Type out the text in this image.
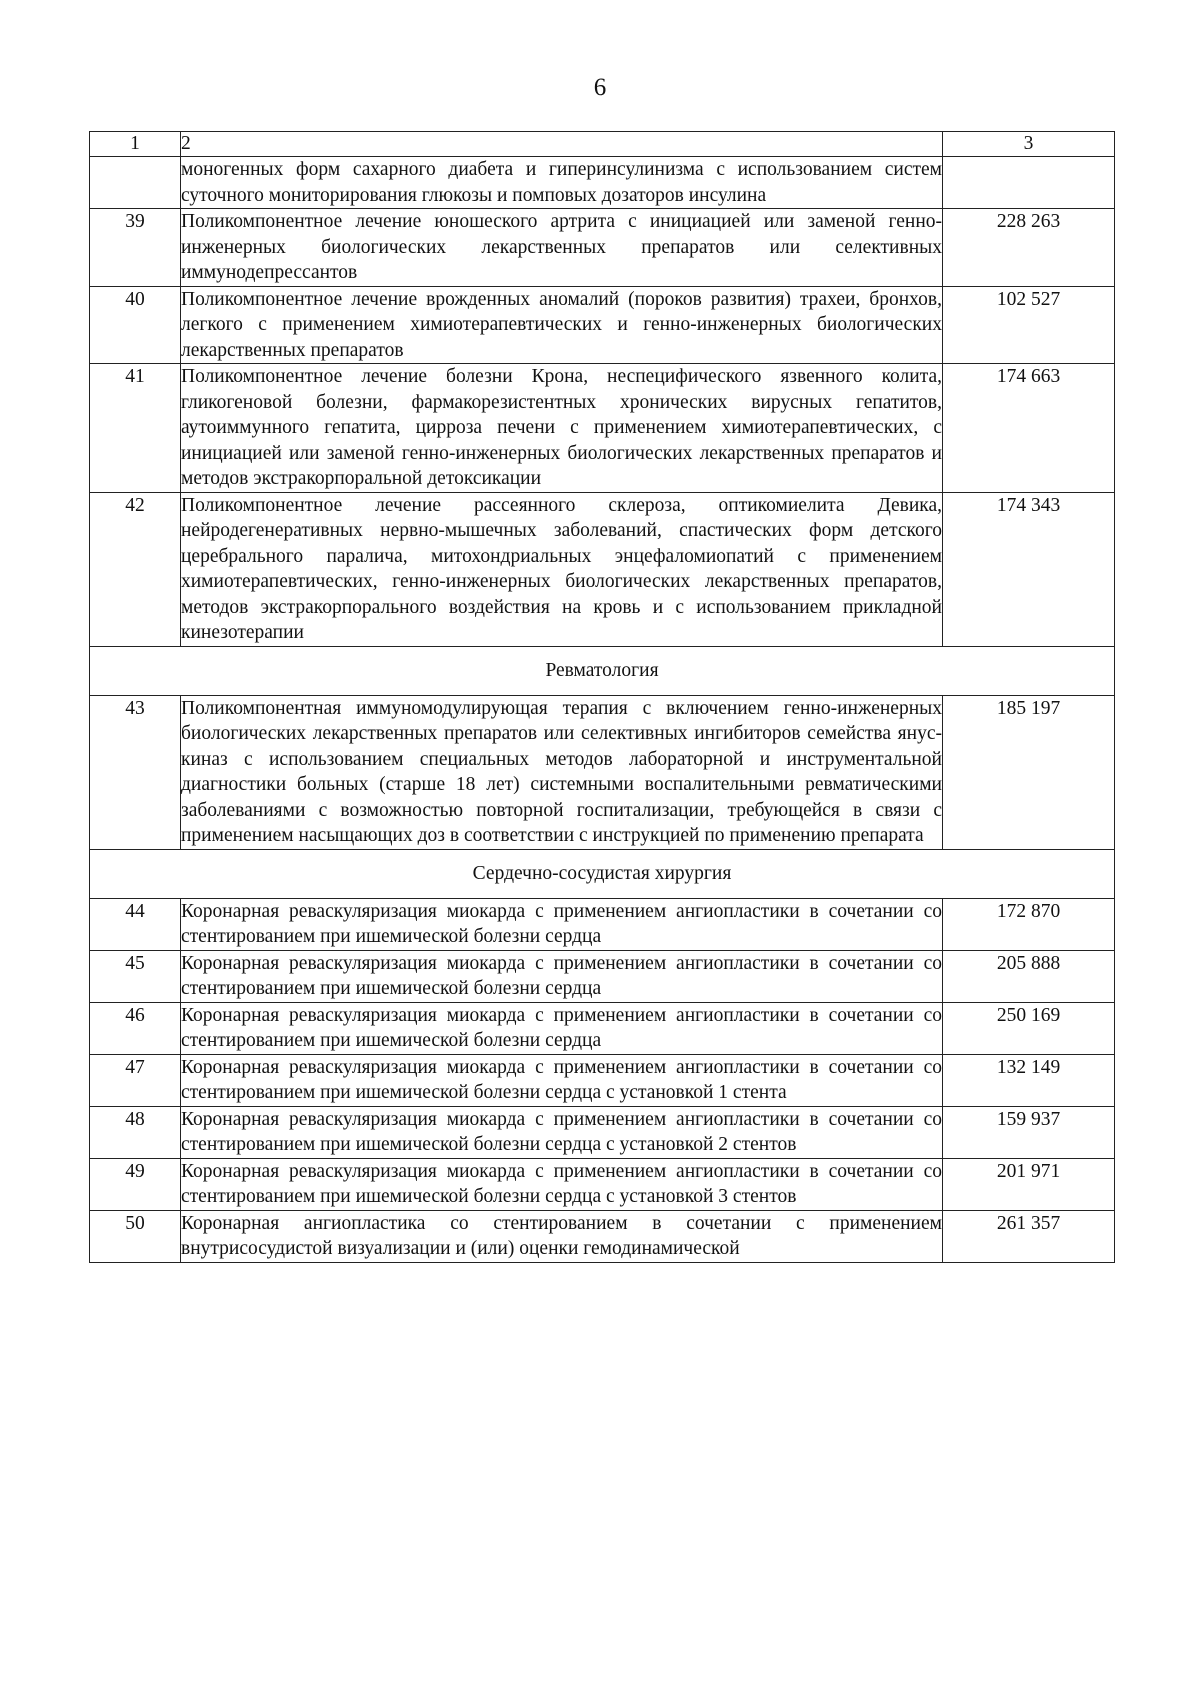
6
1	2	3
	моногенных форм сахарного диабета и гиперинсулинизма с использованием систем суточного мониторирования глюкозы и помповых дозаторов инсулина	
39	Поликомпонентное лечение юношеского артрита с инициацией или заменой генно-инженерных биологических лекарственных препаратов или селективных иммунодепрессантов	228 263
40	Поликомпонентное лечение врожденных аномалий (пороков развития) трахеи, бронхов, легкого с применением химиотерапевтических и генно-инженерных биологических лекарственных препаратов	102 527
41	Поликомпонентное лечение болезни Крона, неспецифического язвенного колита, гликогеновой болезни, фармакорезистентных хронических вирусных гепатитов, аутоиммунного гепатита, цирроза печени с применением химиотерапевтических, с инициацией или заменой генно-инженерных биологических лекарственных препаратов и методов экстракорпоральной детоксикации	174 663
42	Поликомпонентное лечение рассеянного склероза, оптикомиелита Девика, нейродегенеративных нервно-мышечных заболеваний, спастических форм детского церебрального паралича, митохондриальных энцефаломиопатий с применением химиотерапевтических, генно-инженерных биологических лекарственных препаратов, методов экстракорпорального воздействия на кровь и с использованием прикладной кинезотерапии	174 343
Ревматология		
43	Поликомпонентная иммуномодулирующая терапия с включением генно-инженерных биологических лекарственных препаратов или селективных ингибиторов семейства янус-киназ с использованием специальных методов лабораторной и инструментальной диагностики больных (старше 18 лет) системными воспалительными ревматическими заболеваниями с возможностью повторной госпитализации, требующейся в связи с применением насыщающих доз в соответствии с инструкцией по применению препарата	185 197
Сердечно-сосудистая хирургия		
44	Коронарная реваскуляризация миокарда с применением ангиопластики в сочетании со стентированием при ишемической болезни сердца	172 870
45	Коронарная реваскуляризация миокарда с применением ангиопластики в сочетании со стентированием при ишемической болезни сердца	205 888
46	Коронарная реваскуляризация миокарда с применением ангиопластики в сочетании со стентированием при ишемической болезни сердца	250 169
47	Коронарная реваскуляризация миокарда с применением ангиопластики в сочетании со стентированием при ишемической болезни сердца с установкой 1 стента	132 149
48	Коронарная реваскуляризация миокарда с применением ангиопластики в сочетании со стентированием при ишемической болезни сердца с установкой 2 стентов	159 937
49	Коронарная реваскуляризация миокарда с применением ангиопластики в сочетании со стентированием при ишемической болезни сердца с установкой 3 стентов	201 971
50	Коронарная ангиопластика со стентированием в сочетании с применением внутрисосудистой визуализации и (или) оценки гемодинамической	261 357
